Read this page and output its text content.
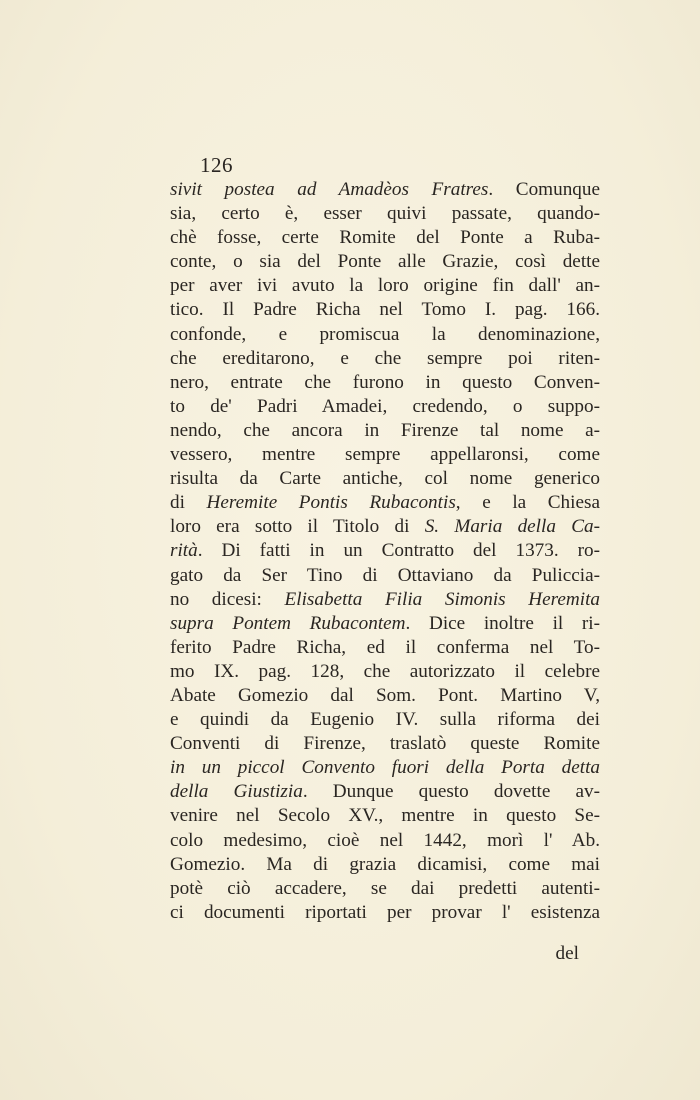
126
sivit postea ad Amadèos Fratres. Comunque
sia, certo è, esser quivi passate, quando-
chè fosse, certe Romite del Ponte a Ruba-
conte, o sia del Ponte alle Grazie, così dette
per aver ivi avuto la loro origine fin dall' an-
tico. Il Padre Richa nel Tomo I. pag. 166.
confonde, e promiscua la denominazione,
che ereditarono, e che sempre poi riten-
nero, entrate che furono in questo Conven-
to de' Padri Amadei, credendo, o suppo-
nendo, che ancora in Firenze tal nome a-
vessero, mentre sempre appellaronsi, come
risulta da Carte antiche, col nome generico
di Heremite Pontis Rubacontis, e la Chiesa
loro era sotto il Titolo di S. Maria della Ca-
rità. Di fatti in un Contratto del 1373. ro-
gato da Ser Tino di Ottaviano da Puliccia-
no dicesi: Elisabetta Filia Simonis Heremita
supra Pontem Rubacontem. Dice inoltre il ri-
ferito Padre Richa, ed il conferma nel To-
mo IX. pag. 128, che autorizzato il celebre
Abate Gomezio dal Som. Pont. Martino V,
e quindi da Eugenio IV. sulla riforma dei
Conventi di Firenze, traslatò queste Romite
in un piccol Convento fuori della Porta detta
della Giustizia. Dunque questo dovette av-
venire nel Secolo XV., mentre in questo Se-
colo medesimo, cioè nel 1442, morì l' Ab.
Gomezio. Ma di grazia dicamisi, come mai
potè ciò accadere, se dai predetti autenti-
ci documenti riportati per provar l' esistenza
del
